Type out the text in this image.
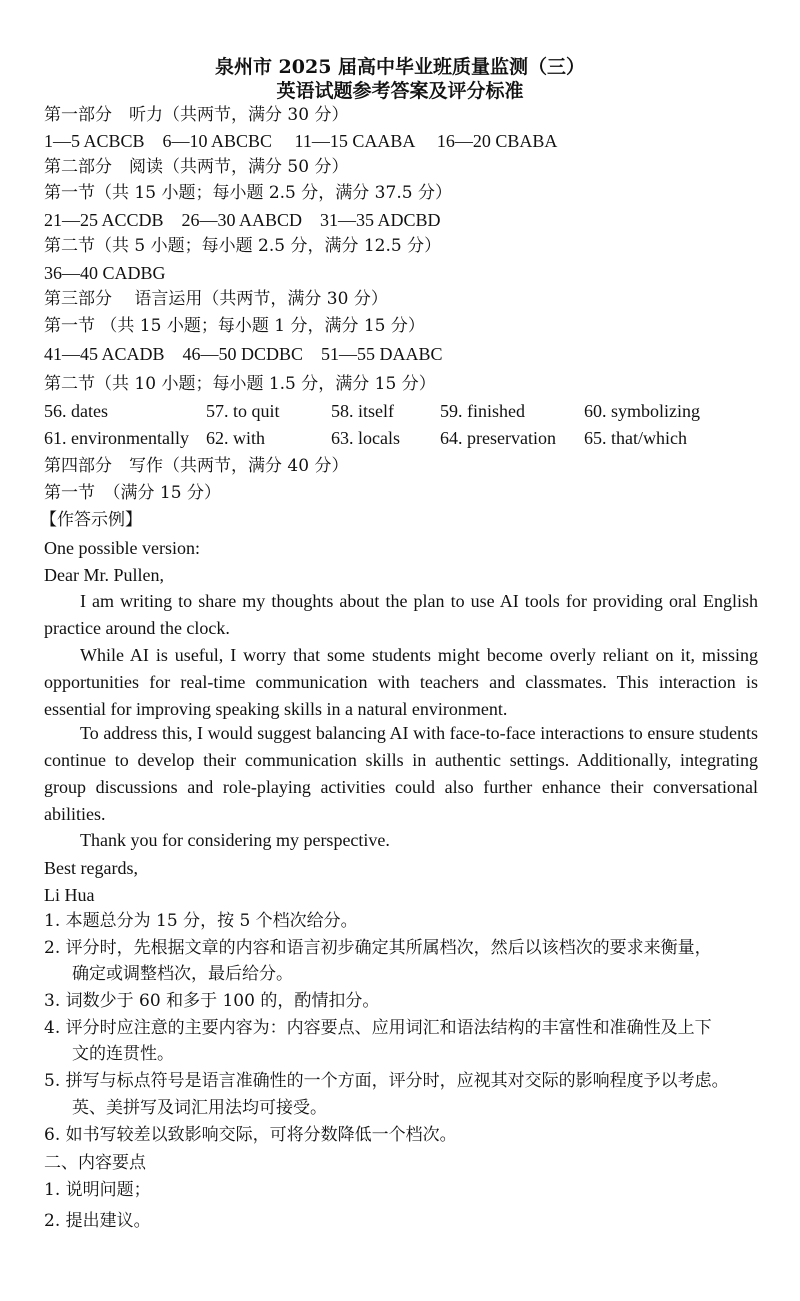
泉州市 2025 届高中毕业班质量监测（三）
英语试题参考答案及评分标准
第一部分　听力（共两节，满分 30 分）
1—5 ACBCB　6—10 ABCBC　 11—15 CAABA　 16—20 CBABA
第二部分　阅读（共两节，满分 50 分）
第一节（共 15 小题；每小题 2.5 分，满分 37.5 分）
21—25 ACCDB　26—30 AABCD　31—35 ADCBD
第二节（共 5 小题；每小题 2.5 分，满分 12.5 分）
36—40 CADBG
第三部分　 语言运用（共两节，满分 30 分）
第一节 （共 15 小题；每小题 1 分，满分 15 分）
41—45 ACADB　46—50 DCDBC　51—55 DAABC
第二节（共 10 小题；每小题 1.5 分，满分 15 分）
56. dates	57. to quit	58. itself	59. finished	60. symbolizing
61. environmentally 62. with	63. locals 64. preservation 65. that/which
第四部分　写作（共两节，满分 40 分）
第一节　（满分 15 分）
【作答示例】
One possible version:
Dear Mr. Pullen,
I am writing to share my thoughts about the plan to use AI tools for providing oral English practice around the clock.
While AI is useful, I worry that some students might become overly reliant on it, missing opportunities for real-time communication with teachers and classmates. This interaction is essential for improving speaking skills in a natural environment.
To address this, I would suggest balancing AI with face-to-face interactions to ensure students continue to develop their communication skills in authentic settings. Additionally, integrating group discussions and role-playing activities could also further enhance their conversational abilities.
Thank you for considering my perspective.
Best regards,
Li Hua
1. 本题总分为 15 分，按 5 个档次给分。
2. 评分时，先根据文章的内容和语言初步确定其所属档次，然后以该档次的要求来衡量，
确定或调整档次，最后给分。
3. 词数少于 60 和多于 100 的，酌情扣分。
4. 评分时应注意的主要内容为：内容要点、应用词汇和语法结构的丰富性和准确性及上下
文的连贯性。
5. 拼写与标点符号是语言准确性的一个方面，评分时，应视其对交际的影响程度予以考虑。
英、美拼写及词汇用法均可接受。
6. 如书写较差以致影响交际，可将分数降低一个档次。
二、内容要点
1. 说明问题；
2. 提出建议。
